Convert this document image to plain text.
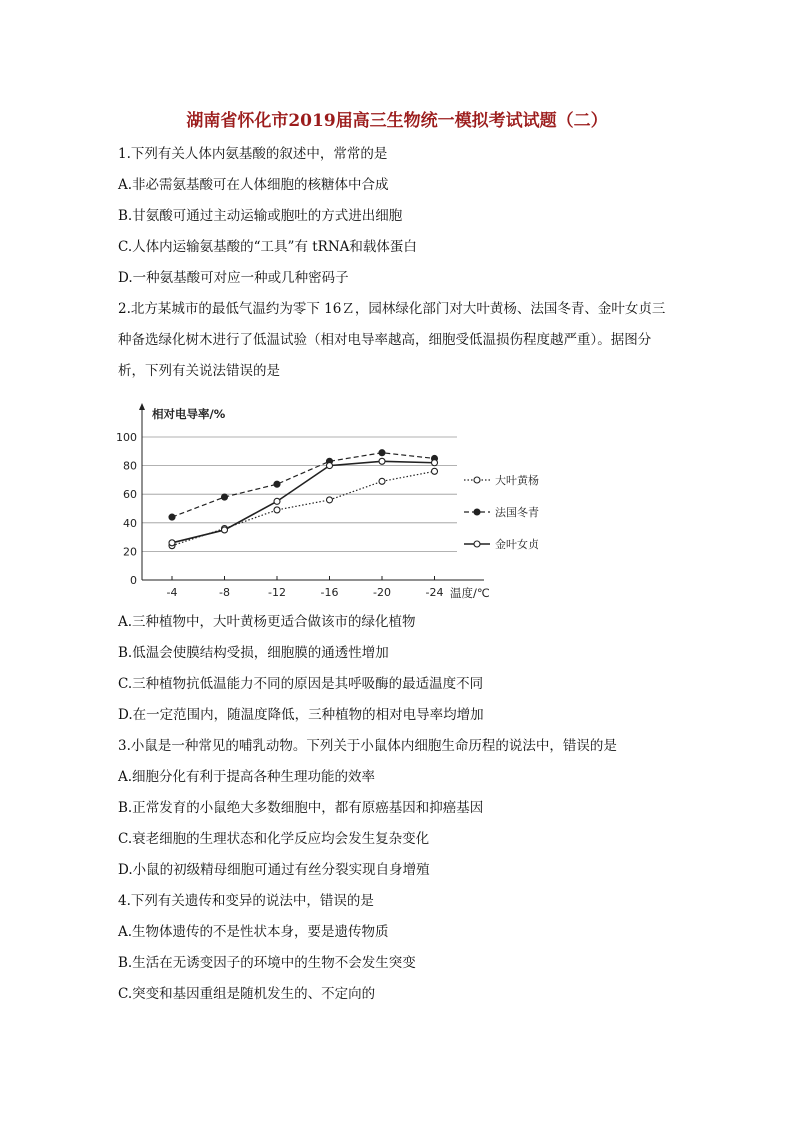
湖南省怀化市2019届高三生物统一模拟考试试题（二）
1.下列有关人体内氨基酸的叙述中，常常的是
A.非必需氨基酸可在人体细胞的核糖体中合成
B.甘氨酸可通过主动运输或胞吐的方式进出细胞
C.人体内运输氨基酸的“工具”有 tRNA和载体蛋白
D.一种氨基酸可对应一种或几种密码子
2.北方某城市的最低气温约为零下 16Ｚ，园林绿化部门对大叶黄杨、法国冬青、金叶女贞三
种备选绿化树木进行了低温试验（相对电导率越高，细胞受低温损伤程度越严重）。据图分
析，下列有关说法错误的是
0
20
40
60
80
100
-4	-8	-12	-16	-20	-24
相对电导率/%
温度/℃
大叶黄杨
法国冬青
金叶女贞
A.三种植物中，大叶黄杨更适合做该市的绿化植物
B.低温会使膜结构受损，细胞膜的通透性增加
C.三种植物抗低温能力不同的原因是其呼吸酶的最适温度不同
D.在一定范围内，随温度降低，三种植物的相对电导率均增加
3.小鼠是一种常见的哺乳动物。下列关于小鼠体内细胞生命历程的说法中，错误的是
A.细胞分化有利于提高各种生理功能的效率
B.正常发育的小鼠绝大多数细胞中，都有原癌基因和抑癌基因
C.衰老细胞的生理状态和化学反应均会发生复杂变化
D.小鼠的初级精母细胞可通过有丝分裂实现自身增殖
4.下列有关遗传和变异的说法中，错误的是
A.生物体遗传的不是性状本身，要是遗传物质
B.生活在无诱变因子的环境中的生物不会发生突变
C.突变和基因重组是随机发生的、不定向的
